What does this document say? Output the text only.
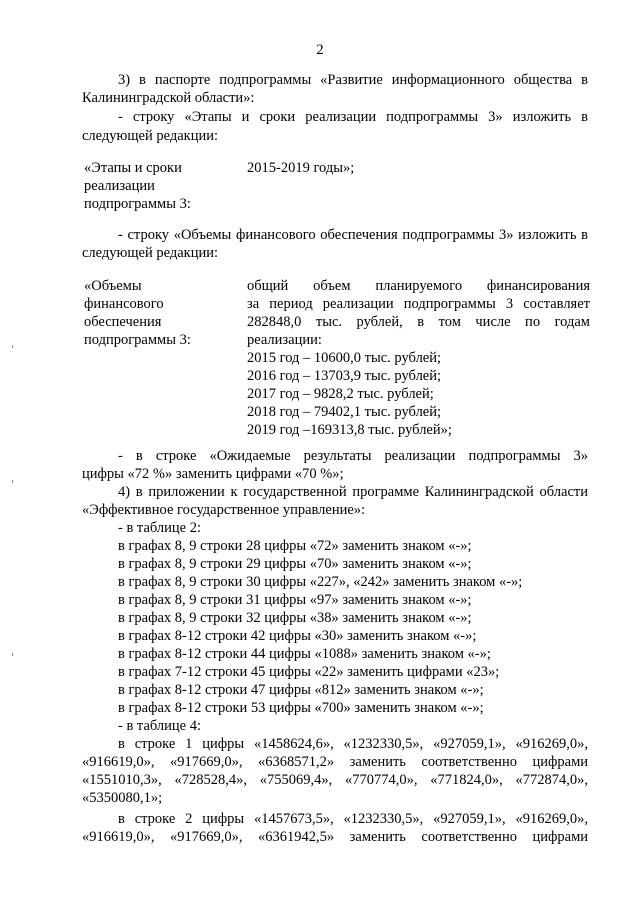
2
3) в паспорте подпрограммы «Развитие информационного общества в
Калининградской области»:
- строку «Этапы и сроки реализации подпрограммы 3» изложить в
следующей редакции:
«Этапы и сроки
реализации
подпрограммы 3:
2015-2019 годы»;
- строку «Объемы финансового обеспечения подпрограммы 3» изложить в
следующей редакции:
«Объемы
финансового
обеспечения
подпрограммы 3:
общий объем планируемого финансирования
за период реализации подпрограммы 3 составляет
282848,0 тыс. рублей, в том числе по годам
реализации:
2015 год – 10600,0 тыс. рублей;
2016 год – 13703,9 тыс. рублей;
2017 год – 9828,2 тыс. рублей;
2018 год – 79402,1 тыс. рублей;
2019 год –169313,8 тыс. рублей»;
- в строке «Ожидаемые результаты реализации подпрограммы 3»
цифры «72 %» заменить цифрами «70 %»;
4) в приложении к государственной программе Калининградской области
«Эффективное государственное управление»:
- в таблице 2:
в графах 8, 9 строки 28 цифры «72» заменить знаком «-»;
в графах 8, 9 строки 29 цифры «70» заменить знаком «-»;
в графах 8, 9 строки 30 цифры «227», «242» заменить знаком «-»;
в графах 8, 9 строки 31 цифры «97» заменить знаком «-»;
в графах 8, 9 строки 32 цифры «38» заменить знаком «-»;
в графах 8-12 строки 42 цифры «30» заменить знаком «-»;
в графах 8-12 строки 44 цифры «1088» заменить знаком «-»;
в графах 7-12 строки 45 цифры «22» заменить цифрами «23»;
в графах 8-12 строки 47 цифры «812» заменить знаком «-»;
в графах 8-12 строки 53 цифры «700» заменить знаком «-»;
- в таблице 4:
в строке 1 цифры «1458624,6», «1232330,5», «927059,1», «916269,0»,
«916619,0», «917669,0», «6368571,2» заменить соответственно цифрами
«1551010,3», «728528,4», «755069,4», «770774,0», «771824,0», «772874,0»,
«5350080,1»;
в строке 2 цифры «1457673,5», «1232330,5», «927059,1», «916269,0»,
«916619,0», «917669,0», «6361942,5» заменить соответственно цифрами
